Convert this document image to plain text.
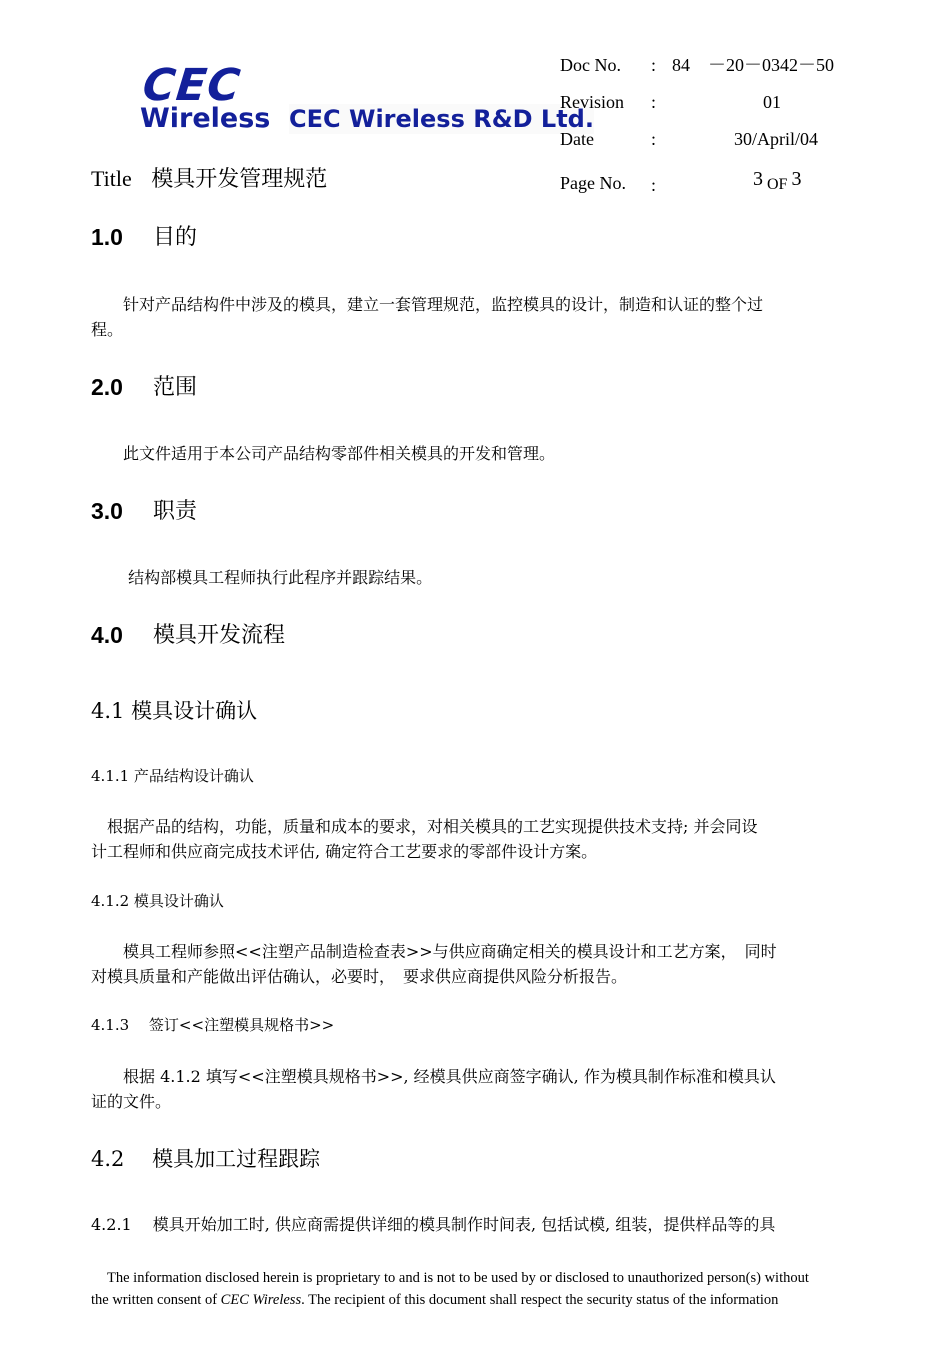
CEC
Wireless CEC Wireless R&D Ltd.
Doc No. : 84　－20－0342－50
Revision :	01
Date	:	30/April/04
Page No. :	3 OF 3
Title 模具开发管理规范
1.0 目的
　　针对产品结构件中涉及的模具，建立一套管理规范，监控模具的设计，制造和认证的整个过
程。
2.0 范围
　　此文件适用于本公司产品结构零部件相关模具的开发和管理。
3.0 职责
　　 结构部模具工程师执行此程序并跟踪结果。
4.0 模具开发流程
4.1 模具设计确认
4.1.1 产品结构设计确认
　根据产品的结构，功能，质量和成本的要求，对相关模具的工艺实现提供技术支持; 并会同设
计工程师和供应商完成技术评估, 确定符合工艺要求的零部件设计方案。
4.1.2 模具设计确认
　　模具工程师参照<<注塑产品制造检查表>>与供应商确定相关的模具设计和工艺方案，　同时
对模具质量和产能做出评估确认，必要时，　要求供应商提供风险分析报告。
4.1.3　 签订<<注塑模具规格书>>
　　根据 4.1.2 填写<<注塑模具规格书>>, 经模具供应商签字确认, 作为模具制作标准和模具认
证的文件。
4.2　 模具加工过程跟踪
4.2.1　 模具开始加工时, 供应商需提供详细的模具制作时间表, 包括试模, 组装，提供样品等的具
The information disclosed herein is proprietary to and is not to be used by or disclosed to unauthorized person(s) without
the written consent of CEC Wireless. The recipient of this document shall respect the security status of the information
